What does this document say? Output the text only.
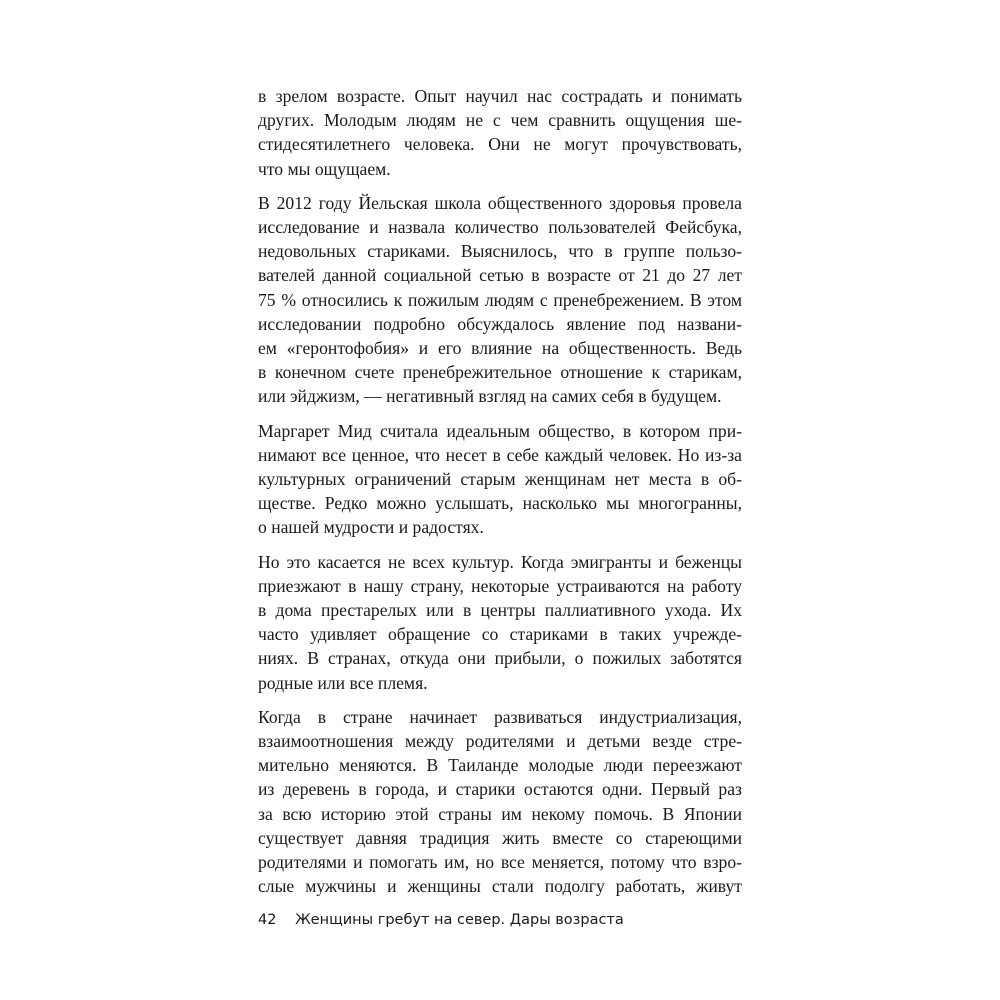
в зрелом возрасте. Опыт научил нас сострадать и понимать
других. Молодым людям не с чем сравнить ощущения ше-
стидесятилетнего человека. Они не могут прочувствовать,
что мы ощущаем.
В 2012 году Йельская школа общественного здоровья провела
исследование и назвала количество пользователей Фейсбука,
недовольных стариками. Выяснилось, что в группе пользо-
вателей данной социальной сетью в возрасте от 21 до 27 лет
75 % относились к пожилым людям с пренебрежением. В этом
исследовании подробно обсуждалось явление под названи-
ем «геронтофобия» и его влияние на общественность. Ведь
в конечном счете пренебрежительное отношение к старикам,
или эйджизм, — негативный взгляд на самих себя в будущем.
Маргарет Мид считала идеальным общество, в котором при-
нимают все ценное, что несет в себе каждый человек. Но из-за
культурных ограничений старым женщинам нет места в об-
ществе. Редко можно услышать, насколько мы многогранны,
о нашей мудрости и радостях.
Но это касается не всех культур. Когда эмигранты и беженцы
приезжают в нашу страну, некоторые устраиваются на работу
в дома престарелых или в центры паллиативного ухода. Их
часто удивляет обращение со стариками в таких учрежде-
ниях. В странах, откуда они прибыли, о пожилых заботятся
родные или все племя.
Когда в стране начинает развиваться индустриализация,
взаимоотношения между родителями и детьми везде стре-
мительно меняются. В Таиланде молодые люди переезжают
из деревень в города, и старики остаются одни. Первый раз
за всю историю этой страны им некому помочь. В Японии
существует давняя традиция жить вместе со стареющими
родителями и помогать им, но все меняется, потому что взро-
слые мужчины и женщины стали подолгу работать, живут
42 Женщины гребут на север. Дары возраста
